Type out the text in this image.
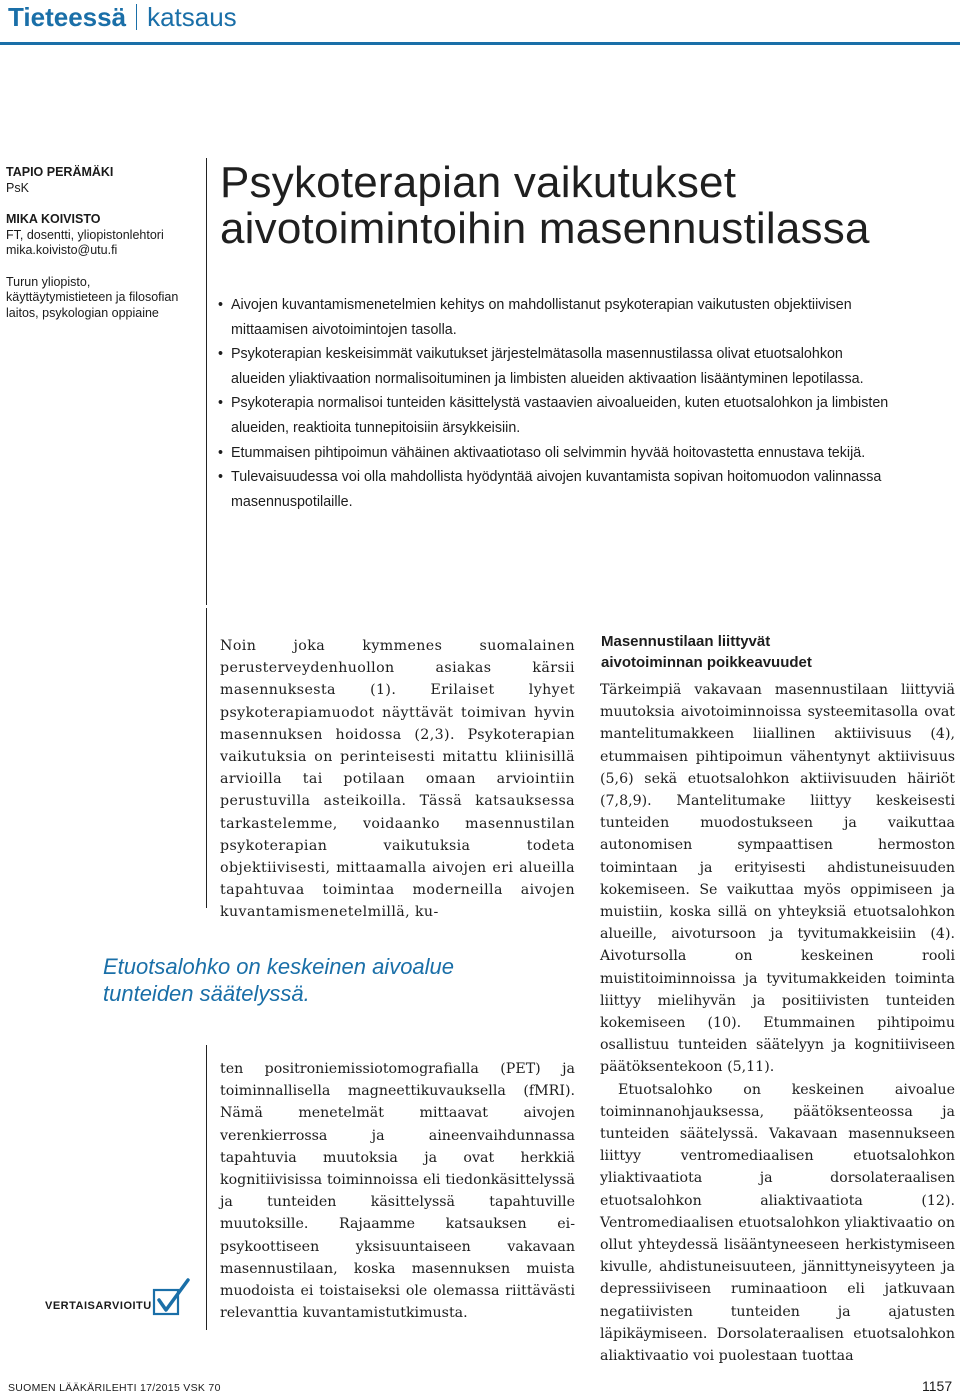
Tieteessä katsaus
TAPIO PERÄMÄKI
PsK
MIKA KOIVISTO
FT, dosentti, yliopistonlehtori
mika.koivisto@utu.fi
Turun yliopisto,
käyttäytymistieteen ja filosofian
laitos, psykologian oppiaine
Psykoterapian vaikutukset
aivotoimintoihin masennustilassa
• Aivojen kuvantamismenetelmien kehitys on mahdollistanut psykoterapian vaikutusten objektiivisen mittaamisen aivotoimintojen tasolla.
• Psykoterapian keskeisimmät vaikutukset järjestelmätasolla masennustilassa olivat etuotsalohkon alueiden yliaktivaation normalisoituminen ja limbisten alueiden aktivaation lisääntyminen lepotilassa.
• Psykoterapia normalisoi tunteiden käsittelystä vastaavien aivoalueiden, kuten etuotsalohkon ja limbisten alueiden, reaktioita tunnepitoisiin ärsykkeisiin.
• Etummaisen pihtipoimun vähäinen aktivaatiotaso oli selvimmin hyvää hoitovastetta ennustava tekijä.
• Tulevaisuudessa voi olla mahdollista hyödyntää aivojen kuvantamista sopivan hoitomuodon valinnassa masennuspotilaille.

Noin joka kymmenes suomalainen perusterveydenhuollon asiakas kärsii masennuksesta (1). Erilaiset lyhyet psykoterapiamuodot näyttävät toimivan hyvin masennuksen hoidossa (2,3). Psykoterapian vaikutuksia on perinteisesti mitattu kliinisillä arvioilla tai potilaan omaan arviointiin perustuvilla asteikoilla. Tässä katsauksessa tarkastelemme, voidaanko masennustilan psykoterapian vaikutuksia todeta objektiivisesti, mittaamalla aivojen eri alueilla tapahtuvaa toimintaa moderneilla aivojen kuvantamismenetelmillä, ku-

Etuotsalohko on keskeinen aivoalue
tunteiden säätelyssä.

ten positroniemissiotomografialla (PET) ja toiminnallisella magneettikuvauksella (fMRI). Nämä menetelmät mittaavat aivojen verenkierrossa ja aineenvaihdunnassa tapahtuvia muutoksia ja ovat herkkiä kognitiivisissa toiminnoissa eli tiedonkäsittelyssä ja tunteiden käsittelyssä tapahtuville muutoksille. Rajaamme katsauksen ei-psykoottiseen yksisuuntaiseen vakavaan masennustilaan, koska masennuksen muista muodoista ei toistaiseksi ole olemassa riittävästi relevanttia kuvantamistutkimusta.

Masennustilaan liittyvät
aivotoiminnan poikkeavuudet

Tärkeimpiä vakavaan masennustilaan liittyviä muutoksia aivotoiminnoissa systeemitasolla ovat mantelitumakkeen liiallinen aktiivisuus (4), etummaisen pihtipoimun vähentynyt aktiivisuus (5,6) sekä etuotsalohkon aktiivisuuden häiriöt (7,8,9). Mantelitumake liittyy keskeisesti tunteiden muodostukseen ja vaikuttaa autonomisen sympaattisen hermoston toimintaan ja erityisesti ahdistuneisuuden kokemiseen. Se vaikuttaa myös oppimiseen ja muistiin, koska sillä on yhteyksiä etuotsalohkon alueille, aivotursoon ja tyvitumakkeisiin (4). Aivotursolla on keskeinen rooli muistitoiminnoissa ja tyvitumakkeiden toiminta liittyy mielihyvän ja positiivisten tunteiden kokemiseen (10). Etummainen pihtipoimu osallistuu tunteiden säätelyyn ja kognitiiviseen päätöksentekoon (5,11).

Etuotsalohko on keskeinen aivoalue toiminnanohjauksessa, päätöksenteossa ja tunteiden säätelyssä. Vakavaan masennukseen liittyy ventromediaalisen etuotsalohkon yliaktivaatiota ja dorsolateraalisen etuotsalohkon aliaktivaatiota (12). Ventromediaalisen etuotsalohkon yliaktivaatio on ollut yhteydessä lisääntyneeseen herkistymiseen kivulle, ahdistuneisuuteen, jännittyneisyyteen ja depressiiviseen ruminaatioon eli jatkuvaan negatiivisten tunteiden ja ajatusten läpikäymiseen. Dorsolateraalisen etuotsalohkon aliaktivaatio voi puolestaan tuottaa

VERTAISARVIOITU
SUOMEN LÄÄKÄRILEHTI 17/2015 VSK 70	1157
